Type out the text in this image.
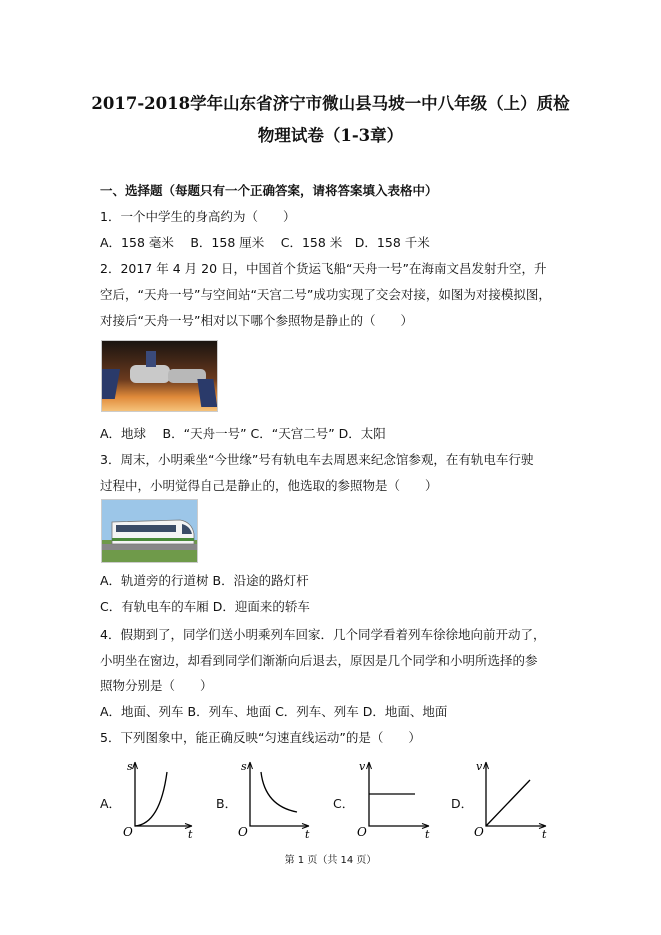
2017-2018学年山东省济宁市微山县马坡一中八年级（上）质检
物理试卷（1-3章）
一、选择题（每题只有一个正确答案，请将答案填入表格中）
1．一个中学生的身高约为（　　）
A．158 毫米　 B．158 厘米　 C．158 米　D．158 千米
2．2017 年 4 月 20 日，中国首个货运飞船“天舟一号”在海南文昌发射升空，升
空后，“天舟一号”与空间站“天宫二号”成功实现了交会对接，如图为对接模拟图，
对接后“天舟一号”相对以下哪个参照物是静止的（　　）
A．地球　 B．“天舟一号” C．“天宫二号” D．太阳
3．周末，小明乘坐“今世缘”号有轨电车去周恩来纪念馆参观，在有轨电车行驶
过程中，小明觉得自己是静止的，他选取的参照物是（　　）
A．轨道旁的行道树 B．沿途的路灯杆
C．有轨电车的车厢 D．迎面来的轿车
4．假期到了，同学们送小明乘列车回家．几个同学看着列车徐徐地向前开动了，
小明坐在窗边，却看到同学们渐渐向后退去，原因是几个同学和小明所选择的参
照物分别是（　　）
A．地面、列车 B．列车、地面 C．列车、列车 D．地面、地面
5．下列图象中，能正确反映“匀速直线运动”的是（　　）
A．
s
t
O
B．
s
t
O
C．
v
t
O
D．
v
t
O
第 1 页（共 14 页）
